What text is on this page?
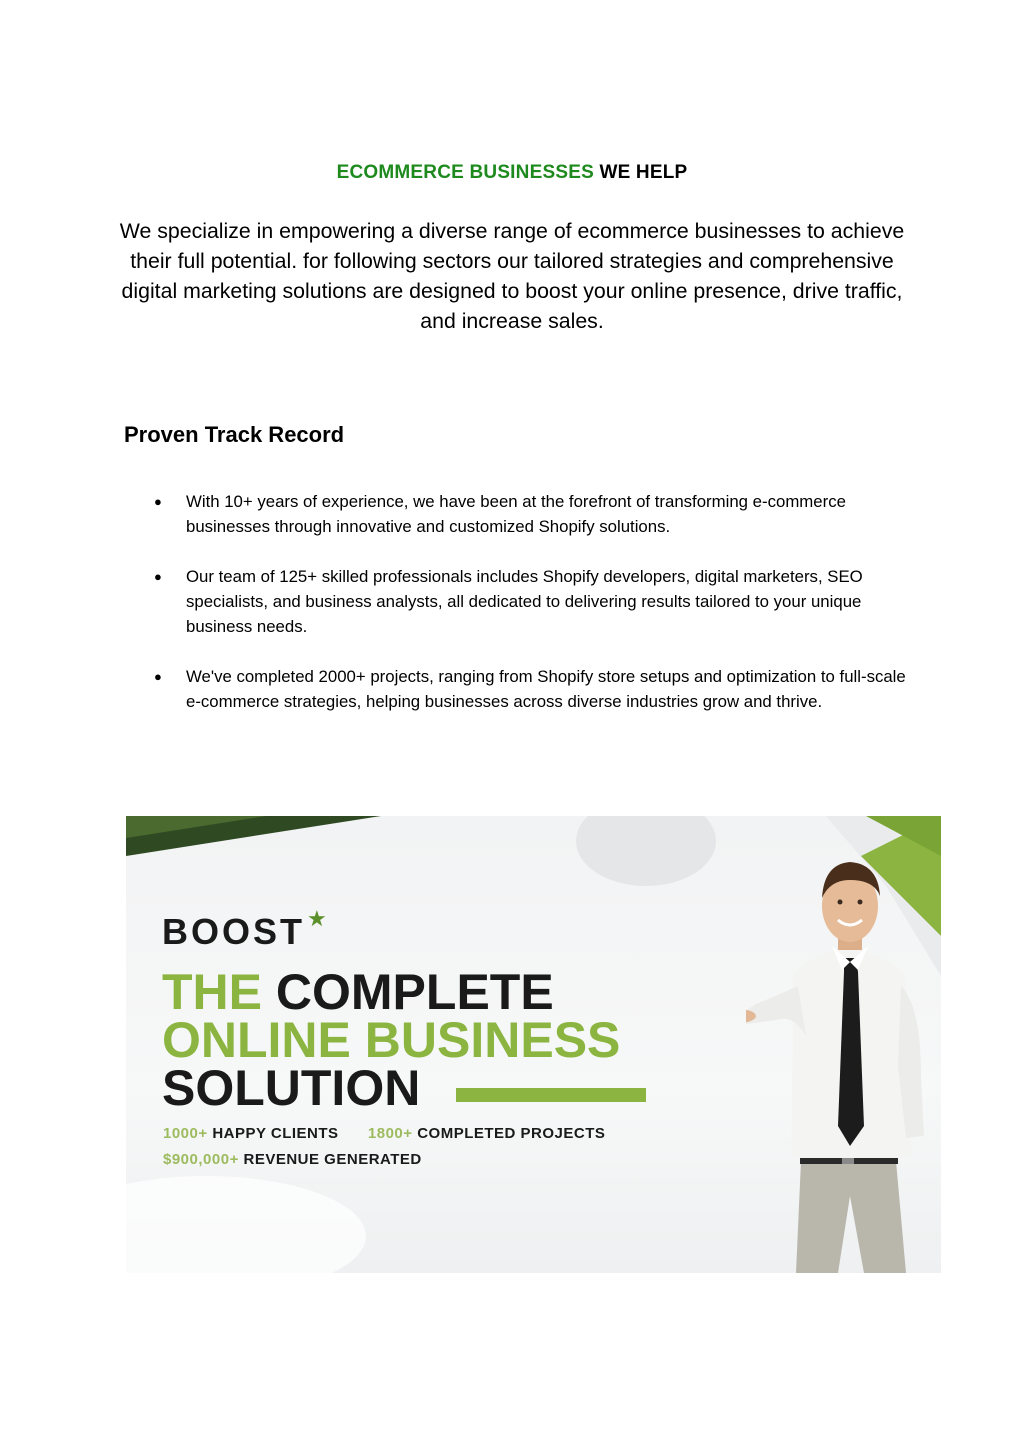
ECOMMERCE BUSINESSES WE HELP

We specialize in empowering a diverse range of ecommerce businesses to achieve their full potential. for following sectors our tailored strategies and comprehensive digital marketing solutions are designed to boost your online presence, drive traffic, and increase sales.

Proven Track Record
● With 10+ years of experience, we have been at the forefront of transforming e-commerce businesses through innovative and customized Shopify solutions.
● Our team of 125+ skilled professionals includes Shopify developers, digital marketers, SEO specialists, and business analysts, all dedicated to delivering results tailored to your unique business needs.
● We've completed 2000+ projects, ranging from Shopify store setups and optimization to full-scale e-commerce strategies, helping businesses across diverse industries grow and thrive.
BOOST ★
THE COMPLETE
ONLINE BUSINESS
SOLUTION
1000+ HAPPY CLIENTS 1800+ COMPLETED PROJECTS
$900,000+ REVENUE GENERATED
